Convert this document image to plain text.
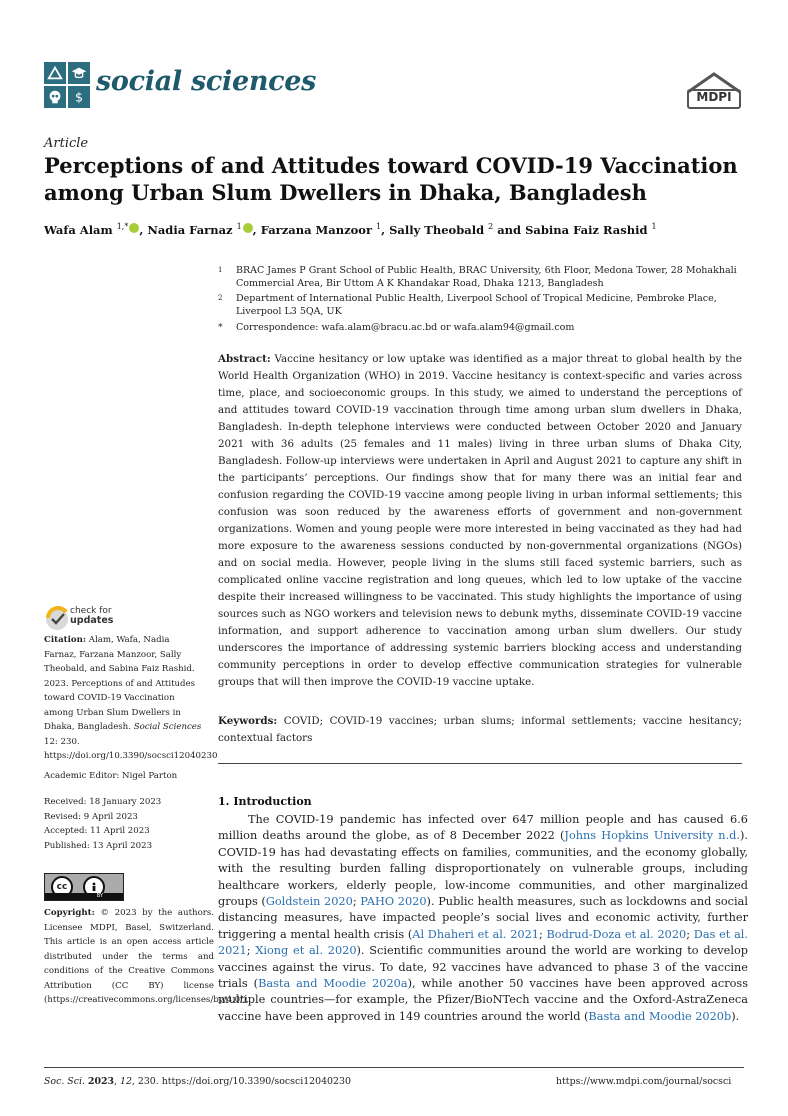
$ social sciences	MDPI
Article
Perceptions of and Attitudes toward COVID-19 Vaccination among Urban Slum Dwellers in Dhaka, Bangladesh
Wafa Alam $^{1,*}$ , Nadia Farnaz $^1$ , Farzana Manzoor $^1$, Sally Theobald $^2$ and Sabina Faiz Rashid $^1$
1 BRAC James P Grant School of Public Health, BRAC University, 6th Floor, Medona Tower, 28 Mohakhali Commercial Area, Bir Uttom A K Khandakar Road, Dhaka 1213, Bangladesh
2 Department of International Public Health, Liverpool School of Tropical Medicine, Pembroke Place, Liverpool L3 5QA, UK
* Correspondence: wafa.alam@bracu.ac.bd or wafa.alam94@gmail.com
Abstract: Vaccine hesitancy or low uptake was identified as a major threat to global health by the World Health Organization (WHO) in 2019. Vaccine hesitancy is context-specific and varies across time, place, and socioeconomic groups. In this study, we aimed to understand the perceptions of and attitudes toward COVID-19 vaccination through time among urban slum dwellers in Dhaka, Bangladesh. In-depth telephone interviews were conducted between October 2020 and January 2021 with 36 adults (25 females and 11 males) living in three urban slums of Dhaka City, Bangladesh. Follow-up interviews were undertaken in April and August 2021 to capture any shift in the participants’ perceptions. Our findings show that for many there was an initial fear and confusion regarding the COVID-19 vaccine among people living in urban informal settlements; this confusion was soon reduced by the awareness efforts of government and non-government organizations. Women and young people were more interested in being vaccinated as they had had more exposure to the awareness sessions conducted by non-governmental organizations (NGOs) and on social media. However, people living in the slums still faced systemic barriers, such as complicated online vaccine registration and long queues, which led to low uptake of the vaccine despite their increased willingness to be vaccinated. This study highlights the importance of using sources such as NGO workers and television news to debunk myths, disseminate COVID-19 vaccine information, and support adherence to vaccination among urban slum dwellers. Our study underscores the importance of addressing systemic barriers blocking access and understanding community perceptions in order to develop effective communication strategies for vulnerable groups that will then improve the COVID-19 vaccine uptake.
Keywords: COVID; COVID-19 vaccines; urban slums; informal settlements; vaccine hesitancy; contextual factors
1. Introduction
The COVID-19 pandemic has infected over 647 million people and has caused 6.6 million deaths around the globe, as of 8 December 2022 (Johns Hopkins University n.d.). COVID-19 has had devastating effects on families, communities, and the economy globally, with the resulting burden falling disproportionately on vulnerable groups, including healthcare workers, elderly people, low-income communities, and other marginalized groups (Goldstein 2020; PAHO 2020). Public health measures, such as lockdowns and social distancing measures, have impacted people’s social lives and economic activity, further triggering a mental health crisis (Al Dhaheri et al. 2021; Bodrud-Doza et al. 2020; Das et al. 2021; Xiong et al. 2020). Scientific communities around the world are working to develop vaccines against the virus. To date, 92 vaccines have advanced to phase 3 of the vaccine trials (Basta and Moodie 2020a), while another 50 vaccines have been approved across multiple countries—for example, the Pfizer/BioNTech vaccine and the Oxford-AstraZeneca vaccine have been approved in 149 countries around the world (Basta and Moodie 2020b).
check for
updates
Citation: Alam, Wafa, Nadia Farnaz, Farzana Manzoor, Sally Theobald, and Sabina Faiz Rashid. 2023. Perceptions of and Attitudes toward COVID-19 Vaccination among Urban Slum Dwellers in Dhaka, Bangladesh. Social Sciences 12: 230. https://doi.org/10.3390/socsci12040230
Academic Editor: Nigel Parton
Received: 18 January 2023
Revised: 9 April 2023
Accepted: 11 April 2023
Published: 13 April 2023
cc
BY
Copyright: © 2023 by the authors. Licensee MDPI, Basel, Switzerland. This article is an open access article distributed under the terms and conditions of the Creative Commons Attribution (CC BY) license (https://creativecommons.org/licenses/by/4.0/).
Soc. Sci. 2023, 12, 230. https://doi.org/10.3390/socsci12040230	https://www.mdpi.com/journal/socsci
